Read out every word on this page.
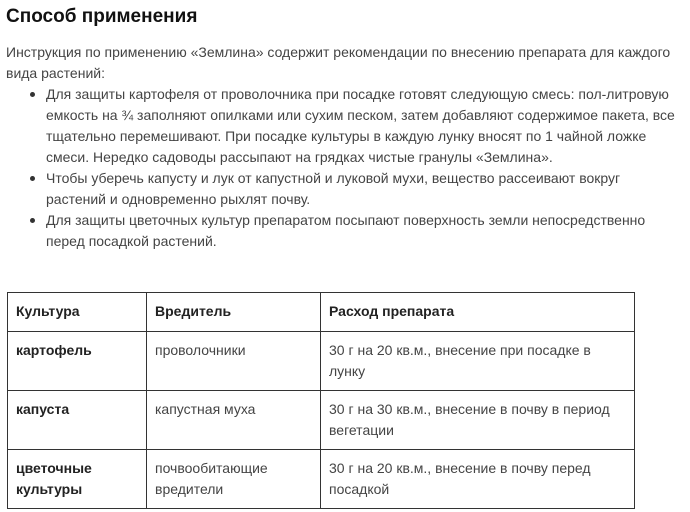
Способ применения

Инструкция по применению «Землина» содержит рекомендации по внесению препарата для каждого вида растений:

Для защиты картофеля от проволочника при посадке готовят следующую смесь: пол-литровую емкость на ¾ заполняют опилками или сухим песком, затем добавляют содержимое пакета, все тщательно перемешивают. При посадке культуры в каждую лунку вносят по 1 чайной ложке смеси. Нередко садоводы рассыпают на грядках чистые гранулы «Землина».
Чтобы уберечь капусту и лук от капустной и луковой мухи, вещество рассеивают вокруг растений и одновременно рыхлят почву.
Для защиты цветочных культур препаратом посыпают поверхность земли непосредственно перед посадкой растений.
Культура	Вредитель	Расход препарата
картофель	проволочники	30 г на 20 кв.м., внесение при посадке в лунку
капуста	капустная муха	30 г на 30 кв.м., внесение в почву в период вегетации
цветочные культуры	почвообитающие вредители	30 г на 20 кв.м., внесение в почву перед посадкой
